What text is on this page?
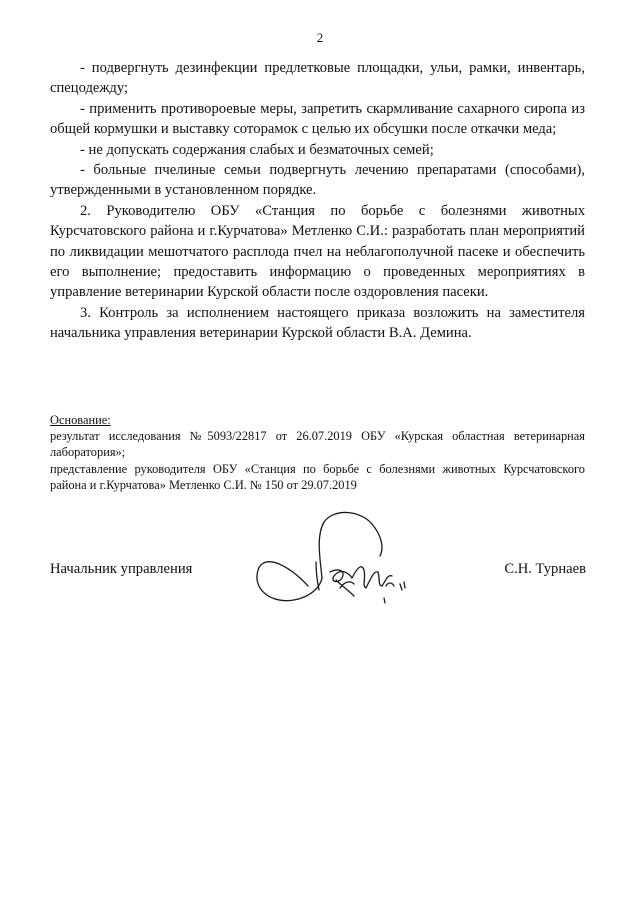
2

- подвергнуть дезинфекции предлетковые площадки, ульи, рамки, инвентарь, спецодежду;

- применить противороевые меры, запретить скармливание сахарного сиропа из общей кормушки и выставку сотoрамок с целью их обсушки после откачки меда;

- не допускать содержания слабых и безматочных семей;

- больные пчелиные семьи подвергнуть лечению препаратами (способами), утвержденными в установленном порядке.

2. Руководителю ОБУ «Станция по борьбе с болезнями животных Курсчатовского района и г.Курчатова» Метленко С.И.: разработать план мероприятий по ликвидации мешотчатого расплода пчел на неблагополучной пасеке и обеспечить его выполнение; предоставить информацию о проведенных мероприятиях в управление ветеринарии Курской области после оздоровления пасеки.

3. Контроль за исполнением настоящего приказа возложить на заместителя начальника управления ветеринарии Курской области В.А. Демина.

Основание:
результат исследования №5093/22817 от 26.07.2019 ОБУ «Курская областная ветеринарная лаборатория»;
представление руководителя ОБУ «Станция по борьбе с болезнями животных Курсчатовского района и г.Курчатова» Метленко С.И. № 150 от 29.07.2019
Начальник управления	С.Н. Турнаев
